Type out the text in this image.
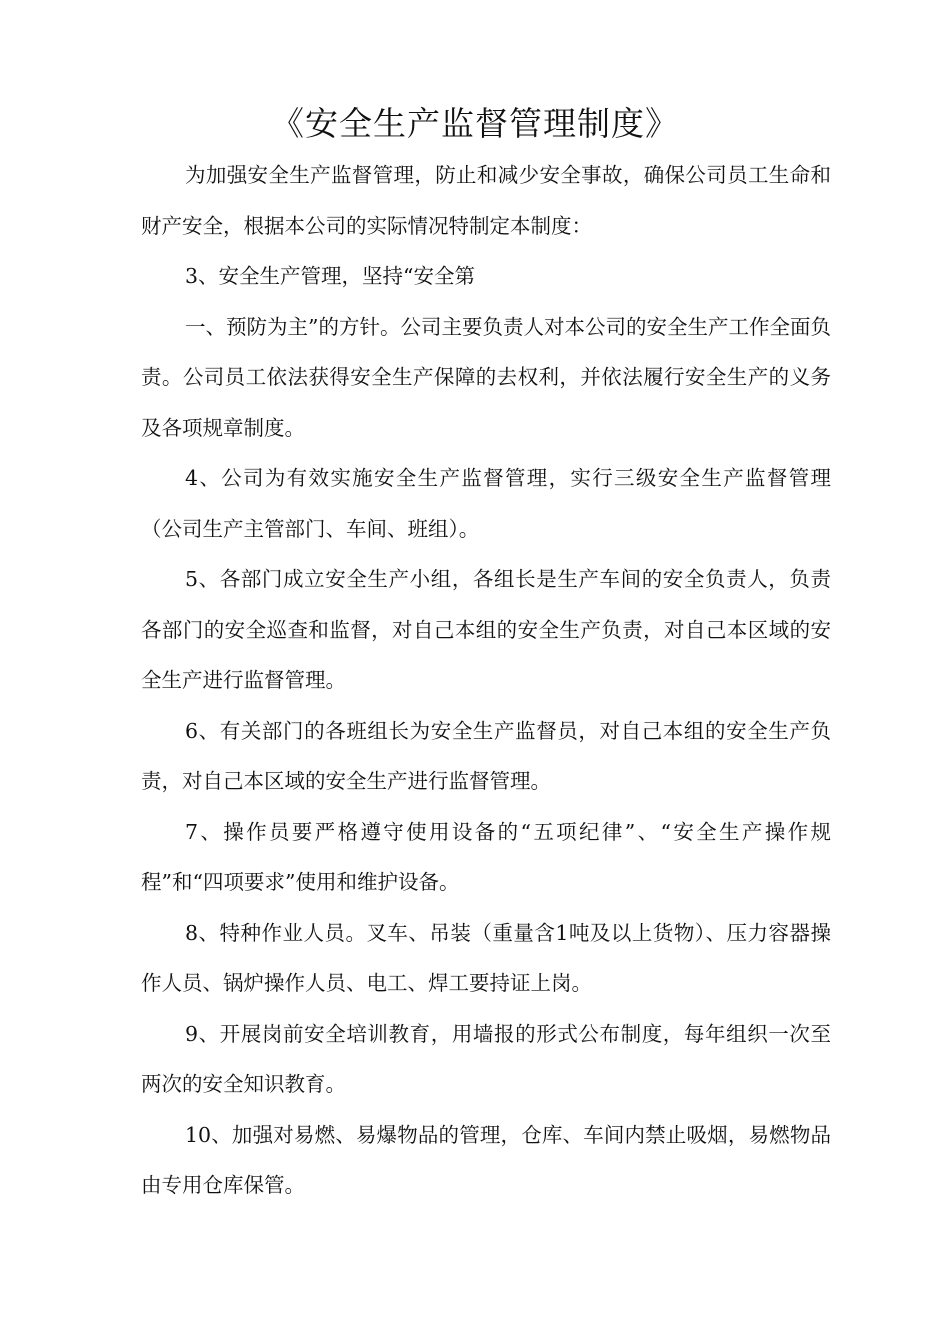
《安全生产监督管理制度》

为加强安全生产监督管理，防止和减少安全事故，确保公司员工生命和财产安全，根据本公司的实际情况特制定本制度：

3、安全生产管理，坚持“安全第

一、预防为主”的方针。公司主要负责人对本公司的安全生产工作全面负责。公司员工依法获得安全生产保障的去权利，并依法履行安全生产的义务及各项规章制度。

4、公司为有效实施安全生产监督管理，实行三级安全生产监督管理（公司生产主管部门、车间、班组）。

5、各部门成立安全生产小组，各组长是生产车间的安全负责人，负责各部门的安全巡查和监督，对自己本组的安全生产负责，对自己本区域的安全生产进行监督管理。

6、有关部门的各班组长为安全生产监督员，对自己本组的安全生产负责，对自己本区域的安全生产进行监督管理。

7、操作员要严格遵守使用设备的“五项纪律”、“安全生产操作规程”和“四项要求”使用和维护设备。

8、特种作业人员。叉车、吊装（重量含1吨及以上货物）、压力容器操作人员、锅炉操作人员、电工、焊工要持证上岗。

9、开展岗前安全培训教育，用墙报的形式公布制度，每年组织一次至两次的安全知识教育。

10、加强对易燃、易爆物品的管理，仓库、车间内禁止吸烟，易燃物品由专用仓库保管。
